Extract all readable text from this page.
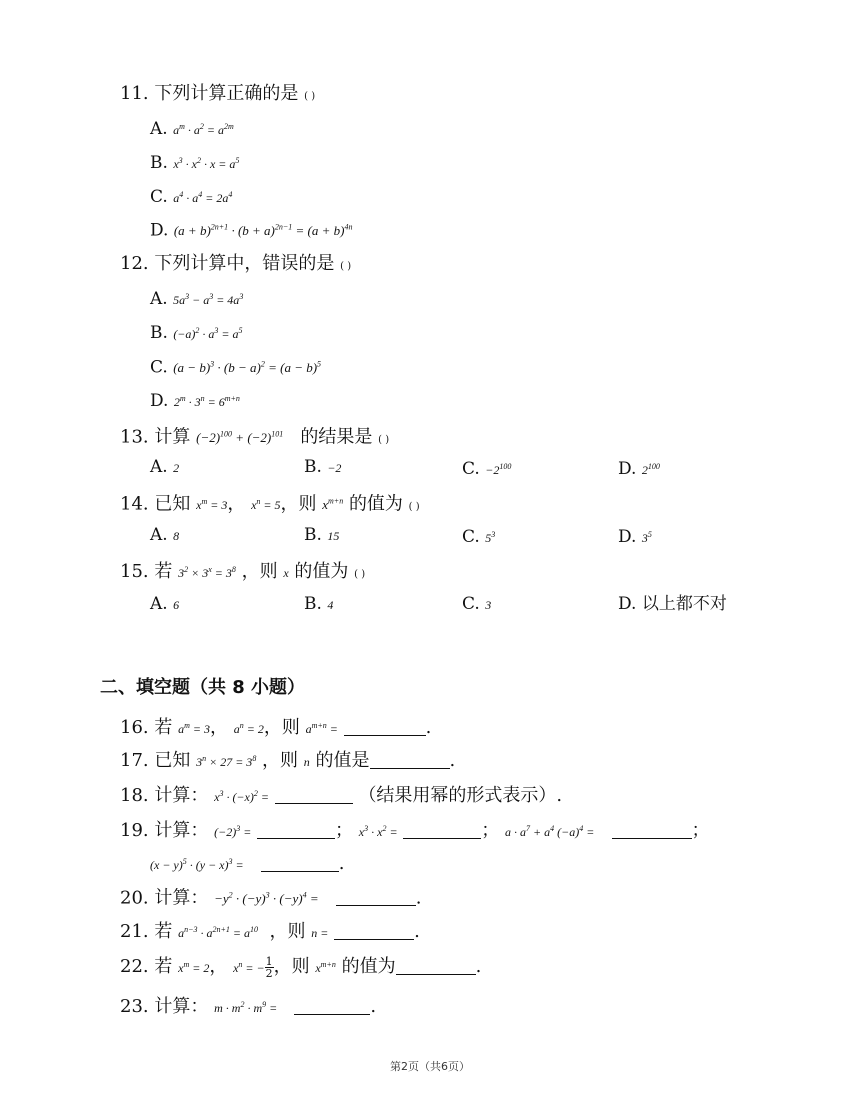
11. 下列计算正确的是 ( )
A. $a^m \cdot a^2 = a^{2m}$
B. $x^3 \cdot x^2 \cdot x = a^5$
C. $a^4 \cdot a^4 = 2a^4$
D. $(a + b)^{2n+1} \cdot (b + a)^{2n-1} = (a + b)^{4n}$
12. 下列计算中，错误的是 ( )
A. $5a^3 - a^3 = 4a^3$
B. $(-a)^2 \cdot a^3 = a^5$
C. $(a - b)^3 \cdot (b - a)^2 = (a - b)^5$
D. $2^m \cdot 3^n = 6^{m+n}$
13. 计算 $(-2)^{100} + (-2)^{101}$ 的结果是 ( )
A. 2	B. −2	C. $-2^{100}$	D. $2^{100}$
14. 已知 $x^m = 3$， $x^n = 5$，则 $x^{m+n}$ 的值为 ( )
A. 8	B. 15	C. $5^3$	D. $3^5$
15. 若 $3^2 \times 3^x = 3^8$ ，则 x 的值为 ( )
A. 6	B. 4	C. 3	D. 以上都不对
二、填空题（共 8 小题）
16. 若 $a^m = 3$， $a^n = 2$，则 $a^{m+n}$ =	.
17. 已知 $3^n \times 27 = 3^8$ ，则 n 的值是	.
18. 计算： $x^3 \cdot (-x)^2$ =	（结果用幂的形式表示）.
19. 计算： $(-2)^3$ =	； $x^3 \cdot x^2$ =	； $a \cdot a^7 + a^4$ $(-a)^4$ =	；
$(x - y)^5 \cdot (y - x)^3$ =	.
20. 计算： $-y^2 \cdot (-y)^3 \cdot (-y)^4$ =	.
21. 若 $a^{n-3} \cdot a^{2n+1} = a^{10}$ ，则 n =	.
22. 若 $x^m = 2$， $x^n$ = − $\frac{1}{2}$ ，则 $x^{m+n}$ 的值为	.
23. 计算： $m \cdot m^2 \cdot m^9$ =	.
第2页（共6页）
